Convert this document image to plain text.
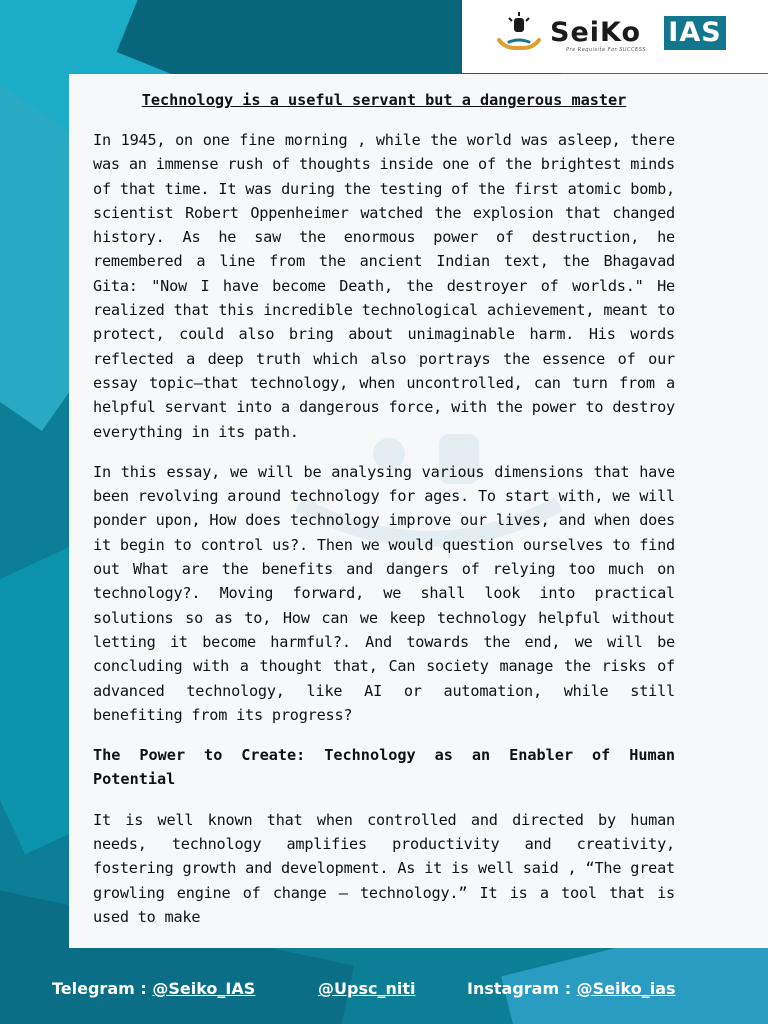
SeiKo IAS
Pre Requisite For SUCCESS

Technology is a useful servant but a dangerous master

In 1945, on one fine morning , while the world was asleep, there was an immense rush of thoughts inside one of the brightest minds of that time. It was during the testing of the first atomic bomb, scientist Robert Oppenheimer watched the explosion that changed history. As he saw the enormous power of destruction, he remembered a line from the ancient Indian text, the Bhagavad Gita: "Now I have become Death, the destroyer of worlds." He realized that this incredible technological achievement, meant to protect, could also bring about unimaginable harm. His words reflected a deep truth which also portrays the essence of our essay topic—that technology, when uncontrolled, can turn from a helpful servant into a dangerous force, with the power to destroy everything in its path.

In this essay, we will be analysing various dimensions that have been revolving around technology for ages. To start with, we will ponder upon, How does technology improve our lives, and when does it begin to control us?. Then we would question ourselves to find out What are the benefits and dangers of relying too much on technology?. Moving forward, we shall look into practical solutions so as to, How can we keep technology helpful without letting it become harmful?. And towards the end, we will be concluding with a thought that, Can society manage the risks of advanced technology, like AI or automation, while still benefiting from its progress?

The Power to Create: Technology as an Enabler of Human Potential

It is well known that when controlled and directed by human needs, technology amplifies productivity and creativity, fostering growth and development. As it is well said , “The great growling engine of change – technology.” It is a tool that is used to make

Telegram : @Seiko_IAS	@Upsc_niti	Instagram : @Seiko_ias
